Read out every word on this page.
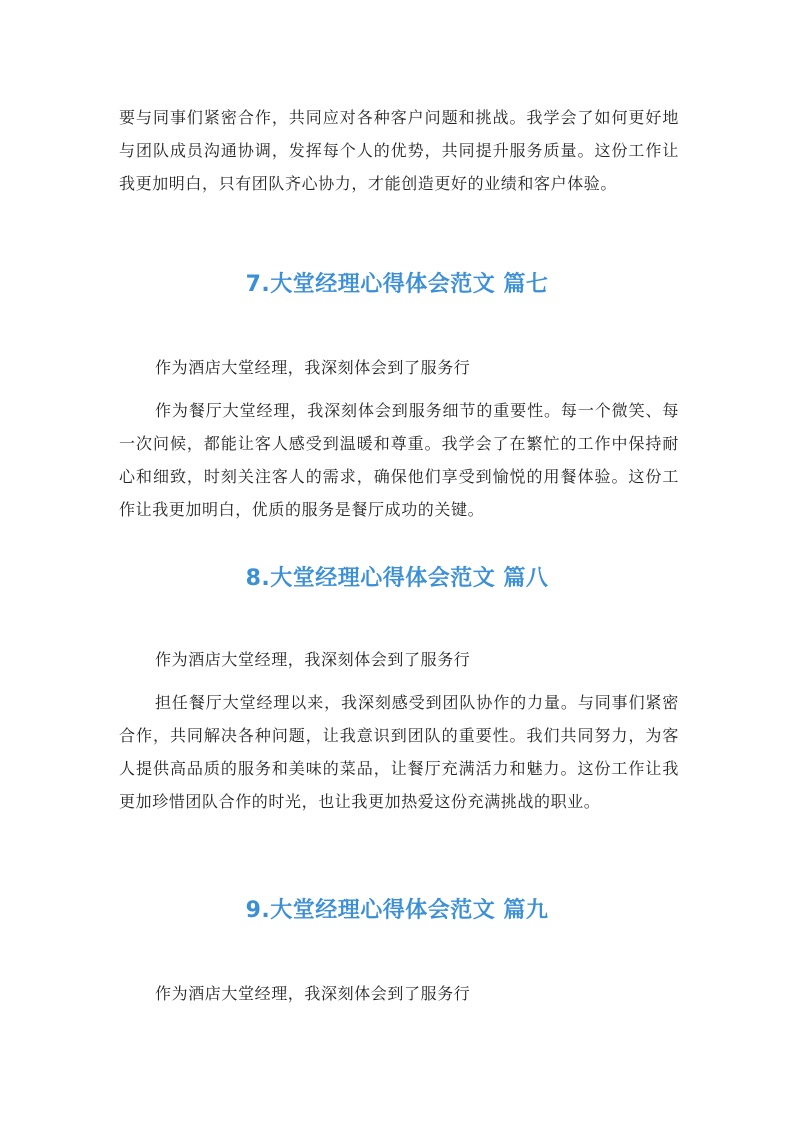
要与同事们紧密合作，共同应对各种客户问题和挑战。我学会了如何更好地与团队成员沟通协调，发挥每个人的优势，共同提升服务质量。这份工作让我更加明白，只有团队齐心协力，才能创造更好的业绩和客户体验。

7.大堂经理心得体会范文 篇七

作为酒店大堂经理，我深刻体会到了服务行

作为餐厅大堂经理，我深刻体会到服务细节的重要性。每一个微笑、每一次问候，都能让客人感受到温暖和尊重。我学会了在繁忙的工作中保持耐心和细致，时刻关注客人的需求，确保他们享受到愉悦的用餐体验。这份工作让我更加明白，优质的服务是餐厅成功的关键。

8.大堂经理心得体会范文 篇八

作为酒店大堂经理，我深刻体会到了服务行

担任餐厅大堂经理以来，我深刻感受到团队协作的力量。与同事们紧密合作，共同解决各种问题，让我意识到团队的重要性。我们共同努力，为客人提供高品质的服务和美味的菜品，让餐厅充满活力和魅力。这份工作让我更加珍惜团队合作的时光，也让我更加热爱这份充满挑战的职业。

9.大堂经理心得体会范文 篇九

作为酒店大堂经理，我深刻体会到了服务行
